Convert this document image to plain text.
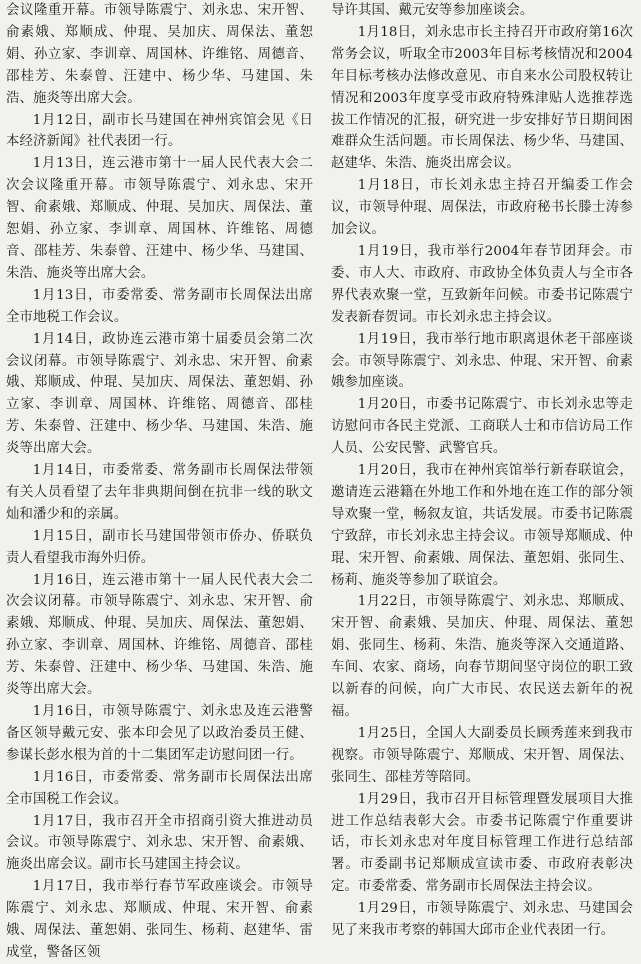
会议隆重开幕。市领导陈震宁、刘永忠、宋开智、俞素娥、郑顺成、仲琨、吴加庆、周保法、董恕娟、孙立家、李训章、周国林、许维铭、周德音、邵桂芳、朱泰曾、汪建中、杨少华、马建国、朱浩、施炎等出席大会。

1月12日，副市长马建国在神州宾馆会见《日本经济新闻》社代表团一行。

1月13日，连云港市第十一届人民代表大会二次会议隆重开幕。市领导陈震宁、刘永忠、宋开智、俞素娥、郑顺成、仲琨、吴加庆、周保法、董恕娟、孙立家、李训章、周国林、许维铭、周德音、邵桂芳、朱泰曾、汪建中、杨少华、马建国、朱浩、施炎等出席大会。

1月13日，市委常委、常务副市长周保法出席全市地税工作会议。

1月14日，政协连云港市第十届委员会第二次会议闭幕。市领导陈震宁、刘永忠、宋开智、俞素娥、郑顺成、仲琨、吴加庆、周保法、董恕娟、孙立家、李训章、周国林、许维铭、周德音、邵桂芳、朱泰曾、汪建中、杨少华、马建国、朱浩、施炎等出席大会。

1月14日，市委常委、常务副市长周保法带领有关人员看望了去年非典期间倒在抗非一线的耿文灿和潘少和的亲属。

1月15日，副市长马建国带领市侨办、侨联负责人看望我市海外归侨。

1月16日，连云港市第十一届人民代表大会二次会议闭幕。市领导陈震宁、刘永忠、宋开智、俞素娥、郑顺成、仲琨、吴加庆、周保法、董恕娟、孙立家、李训章、周国林、许维铭、周德音、邵桂芳、朱泰曾、汪建中、杨少华、马建国、朱浩、施炎等出席大会。

1月16日，市领导陈震宁、刘永忠及连云港警备区领导戴元安、张本印会见了以政治委员王健、参谋长彭水根为首的十二集团军走访慰问团一行。

1月16日，市委常委、常务副市长周保法出席全市国税工作会议。

1月17日，我市召开全市招商引资大推进动员会议。市领导陈震宁、刘永忠、宋开智、俞素娥、施炎出席会议。副市长马建国主持会议。

1月17日，我市举行春节军政座谈会。市领导陈震宁、刘永忠、郑顺成、仲琨、宋开智、俞素娥、周保法、董恕娟、张同生、杨莉、赵建华、雷成堂，警备区领

导许其国、戴元安等参加座谈会。

1月18日，刘永忠市长主持召开市政府第16次常务会议，听取全市2003年目标考核情况和2004年目标考核办法修改意见、市自来水公司股权转让情况和2003年度享受市政府特殊津贴人选推荐选拔工作情况的汇报，研究进一步安排好节日期间困难群众生活问题。市长周保法、杨少华、马建国、赵建华、朱浩、施炎出席会议。

1月18日，市长刘永忠主持召开编委工作会议，市领导仲琨、周保法，市政府秘书长滕士涛参加会议。

1月19日，我市举行2004年春节团拜会。市委、市人大、市政府、市政协全体负责人与全市各界代表欢聚一堂，互致新年问候。市委书记陈震宁发表新春贺词。市长刘永忠主持会议。

1月19日，我市举行地市职离退休老干部座谈会。市领导陈震宁、刘永忠、仲琨、宋开智、俞素娥参加座谈。

1月20日，市委书记陈震宁、市长刘永忠等走访慰问市各民主党派、工商联人士和市信访局工作人员、公安民警、武警官兵。

1月20日，我市在神州宾馆举行新春联谊会，邀请连云港籍在外地工作和外地在连工作的部分领导欢聚一堂，畅叙友谊，共话发展。市委书记陈震宁致辞，市长刘永忠主持会议。市领导郑顺成、仲琨、宋开智、俞素娥、周保法、董恕娟、张同生、杨莉、施炎等参加了联谊会。

1月22日，市领导陈震宁、刘永忠、郑顺成、宋开智、俞素娥、吴加庆、仲琨、周保法、董恕娟、张同生、杨莉、朱浩、施炎等深入交通道路、车间、农家、商场，向春节期间坚守岗位的职工致以新春的问候，向广大市民、农民送去新年的祝福。

1月25日，全国人大副委员长顾秀莲来到我市视察。市领导陈震宁、郑顺成、宋开智、周保法、张同生、邵桂芳等陪同。

1月29日，我市召开目标管理暨发展项目大推进工作总结表彰大会。市委书记陈震宁作重要讲话，市长刘永忠对年度目标管理工作进行总结部署。市委副书记郑顺成宣读市委、市政府表彰决定。市委常委、常务副市长周保法主持会议。

1月29日，市领导陈震宁、刘永忠、马建国会见了来我市考察的韩国大邱市企业代表团一行。
